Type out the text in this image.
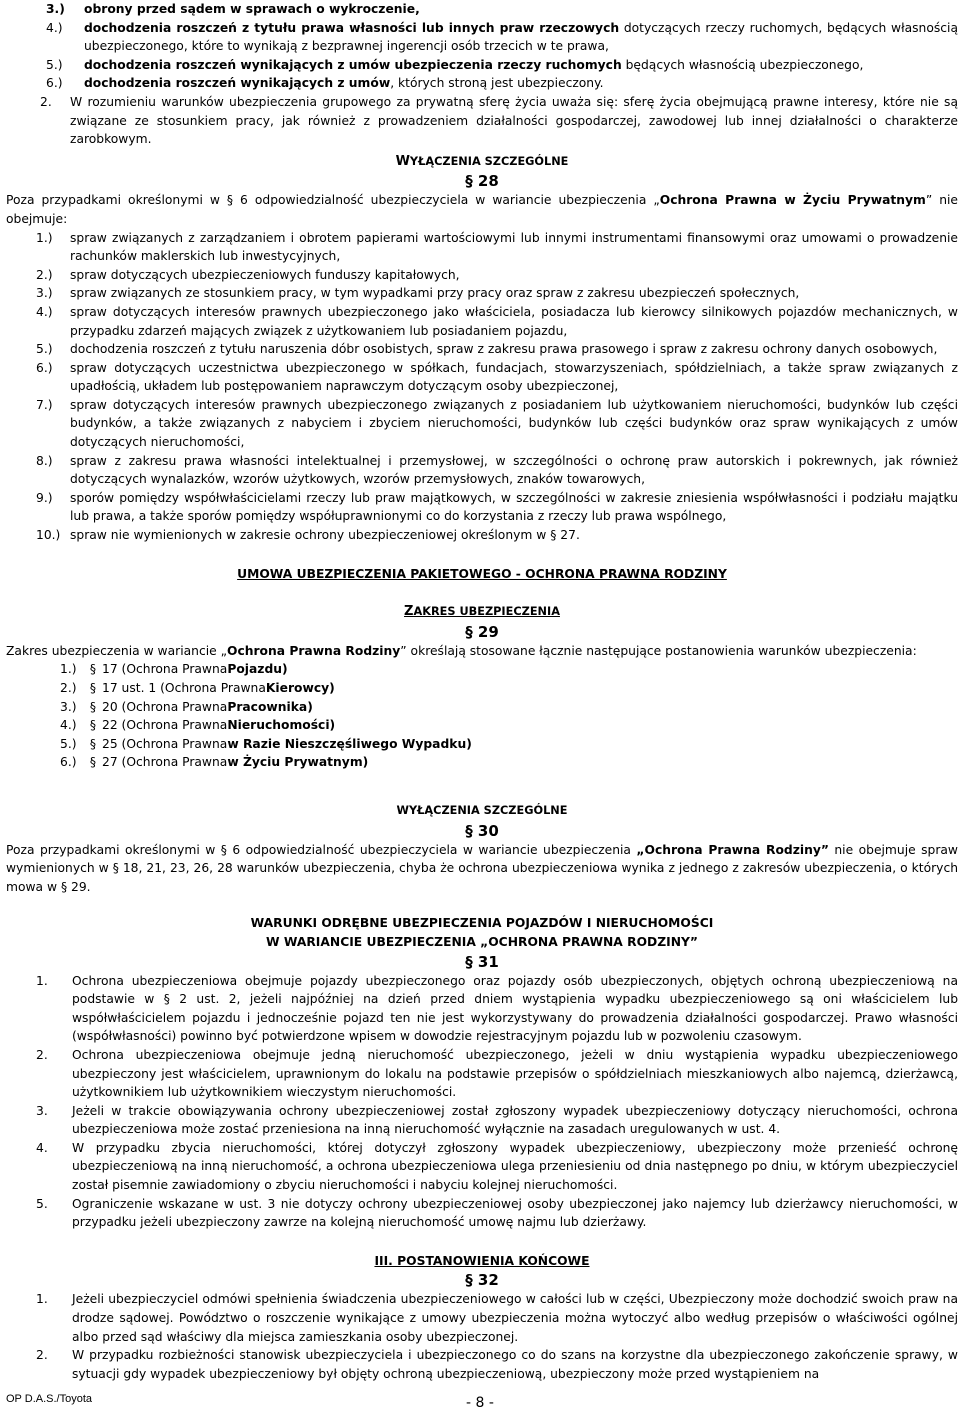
3.)	obrony przed sądem w sprawach o wykroczenie,
4.)	dochodzenia roszczeń z tytułu prawa własności lub innych praw rzeczowych dotyczących rzeczy ruchomych, będących własnością ubezpieczonego, które to wynikają z bezprawnej ingerencji osób trzecich w te prawa,
5.)	dochodzenia roszczeń wynikających z umów ubezpieczenia rzeczy ruchomych będących własnością ubezpieczonego,
6.)	dochodzenia roszczeń wynikających z umów, których stroną jest ubezpieczony.
2.	W rozumieniu warunków ubezpieczenia grupowego za prywatną sferę życia uważa się: sferę życia obejmującą prawne interesy, które nie są związane ze stosunkiem pracy, jak również z prowadzeniem działalności gospodarczej, zawodowej lub innej działalności o charakterze zarobkowym.
WYŁĄCZENIA SZCZEGÓLNE
§ 28

Poza przypadkami określonymi w § 6 odpowiedzialność ubezpieczyciela w wariancie ubezpieczenia „Ochrona Prawna w Życiu Prywatnym” nie obejmuje:

1.)	spraw związanych z zarządzaniem i obrotem papierami wartościowymi lub innymi instrumentami finansowymi oraz umowami o prowadzenie rachunków maklerskich lub inwestycyjnych,
2.)	spraw dotyczących ubezpieczeniowych funduszy kapitałowych,
3.)	spraw związanych ze stosunkiem pracy, w tym wypadkami przy pracy oraz spraw z zakresu ubezpieczeń społecznych,
4.)	spraw dotyczących interesów prawnych ubezpieczonego jako właściciela, posiadacza lub kierowcy silnikowych pojazdów mechanicznych, w przypadku zdarzeń mających związek z użytkowaniem lub posiadaniem pojazdu,
5.)	dochodzenia roszczeń z tytułu naruszenia dóbr osobistych, spraw z zakresu prawa prasowego i spraw z zakresu ochrony danych osobowych,
6.)	spraw dotyczących uczestnictwa ubezpieczonego w spółkach, fundacjach, stowarzyszeniach, spółdzielniach, a także spraw związanych z upadłością, układem lub postępowaniem naprawczym dotyczącym osoby ubezpieczonej,
7.)	spraw dotyczących interesów prawnych ubezpieczonego związanych z posiadaniem lub użytkowaniem nieruchomości, budynków lub części budynków, a także związanych z nabyciem i zbyciem nieruchomości, budynków lub części budynków oraz spraw wynikających z umów dotyczących nieruchomości,
8.)	spraw z zakresu prawa własności intelektualnej i przemysłowej, w szczególności o ochronę praw autorskich i pokrewnych, jak również dotyczących wynalazków, wzorów użytkowych, wzorów przemysłowych, znaków towarowych,
9.)	sporów pomiędzy współwłaścicielami rzeczy lub praw majątkowych, w szczególności w zakresie zniesienia współwłasności i podziału majątku lub prawa, a także sporów pomiędzy współuprawnionymi co do korzystania z rzeczy lub prawa wspólnego,
10.) spraw nie wymienionych w zakresie ochrony ubezpieczeniowej określonym w § 27.
UMOWA UBEZPIECZENIA PAKIETOWEGO - OCHRONA PRAWNA RODZINY
ZAKRES UBEZPIECZENIA
§ 29

Zakres ubezpieczenia w wariancie „Ochrona Prawna Rodziny” określają stosowane łącznie następujące postanowienia warunków ubezpieczenia:

1.)	§ 17 (Ochrona Prawna Pojazdu)
2.)	§ 17 ust. 1 (Ochrona Prawna Kierowcy)
3.)	§ 20 (Ochrona Prawna Pracownika)
4.)	§ 22 (Ochrona Prawna Nieruchomości)
5.)	§ 25 (Ochrona Prawna w Razie Nieszczęśliwego Wypadku)
6.)	§ 27 (Ochrona Prawna w Życiu Prywatnym)
WYŁĄCZENIA SZCZEGÓLNE
§ 30

Poza przypadkami określonymi w § 6 odpowiedzialność ubezpieczyciela w wariancie ubezpieczenia „Ochrona Prawna Rodziny” nie obejmuje spraw wymienionych w § 18, 21, 23, 26, 28 warunków ubezpieczenia, chyba że ochrona ubezpieczeniowa wynika z jednego z zakresów ubezpieczenia, o których mowa w § 29.

WARUNKI ODRĘBNE UBEZPIECZENIA POJAZDÓW I NIERUCHOMOŚCI
W WARIANCIE UBEZPIECZENIA „OCHRONA PRAWNA RODZINY”
§ 31
1.	Ochrona ubezpieczeniowa obejmuje pojazdy ubezpieczonego oraz pojazdy osób ubezpieczonych, objętych ochroną ubezpieczeniową na podstawie w § 2 ust. 2, jeżeli najpóźniej na dzień przed dniem wystąpienia wypadku ubezpieczeniowego są oni właścicielem lub współwłaścicielem pojazdu i jednocześnie pojazd ten nie jest wykorzystywany do prowadzenia działalności gospodarczej. Prawo własności (współwłasności) powinno być potwierdzone wpisem w dowodzie rejestracyjnym pojazdu lub w pozwoleniu czasowym.
2.	Ochrona ubezpieczeniowa obejmuje jedną nieruchomość ubezpieczonego, jeżeli w dniu wystąpienia wypadku ubezpieczeniowego ubezpieczony jest właścicielem, uprawnionym do lokalu na podstawie przepisów o spółdzielniach mieszkaniowych albo najemcą, dzierżawcą, użytkownikiem lub użytkownikiem wieczystym nieruchomości.
3.	Jeżeli w trakcie obowiązywania ochrony ubezpieczeniowej został zgłoszony wypadek ubezpieczeniowy dotyczący nieruchomości, ochrona ubezpieczeniowa może zostać przeniesiona na inną nieruchomość wyłącznie na zasadach uregulowanych w ust. 4.
4.	W przypadku zbycia nieruchomości, której dotyczył zgłoszony wypadek ubezpieczeniowy, ubezpieczony może przenieść ochronę ubezpieczeniową na inną nieruchomość, a ochrona ubezpieczeniowa ulega przeniesieniu od dnia następnego po dniu, w którym ubezpieczyciel został pisemnie zawiadomiony o zbyciu nieruchomości i nabyciu kolejnej nieruchomości.
5.	Ograniczenie wskazane w ust. 3 nie dotyczy ochrony ubezpieczeniowej osoby ubezpieczonej jako najemcy lub dzierżawcy nieruchomości, w przypadku jeżeli ubezpieczony zawrze na kolejną nieruchomość umowę najmu lub dzierżawy.
III. POSTANOWIENIA KOŃCOWE
§ 32
1.	Jeżeli ubezpieczyciel odmówi spełnienia świadczenia ubezpieczeniowego w całości lub w części, Ubezpieczony może dochodzić swoich praw na drodze sądowej. Powództwo o roszczenie wynikające z umowy ubezpieczenia można wytoczyć albo według przepisów o właściwości ogólnej albo przed sąd właściwy dla miejsca zamieszkania osoby ubezpieczonej.
2.	W przypadku rozbieżności stanowisk ubezpieczyciela i ubezpieczonego co do szans na korzystne dla ubezpieczonego zakończenie sprawy, w sytuacji gdy wypadek ubezpieczeniowy był objęty ochroną ubezpieczeniową, ubezpieczony może przed wystąpieniem na
OP D.A.S./Toyota	- 8 -
